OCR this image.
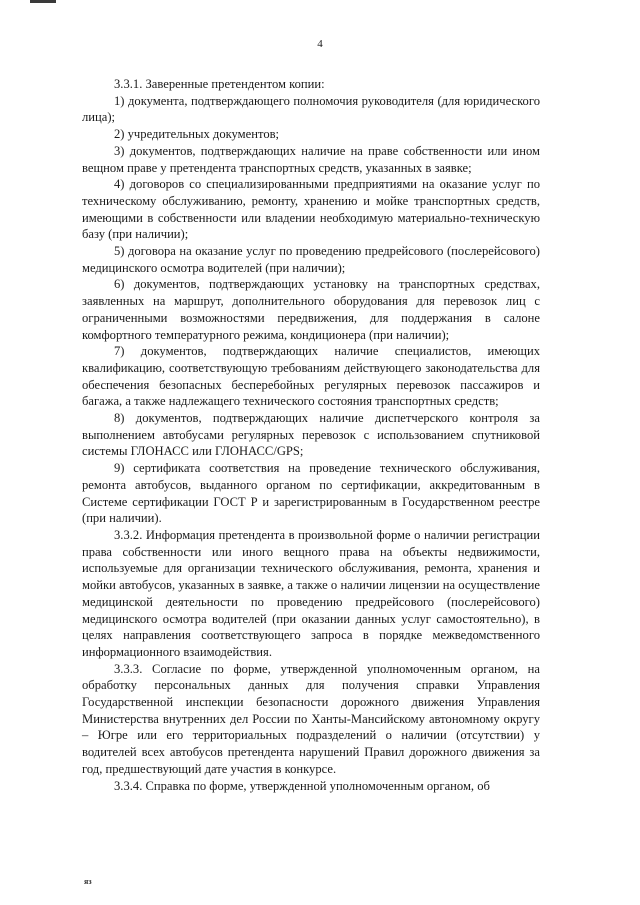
4

3.3.1. Заверенные претендентом копии:

1) документа, подтверждающего полномочия руководителя (для юридического лица);

2) учредительных документов;

3) документов, подтверждающих наличие на праве собственности или ином вещном праве у претендента транспортных средств, указанных в заявке;

4) договоров со специализированными предприятиями на оказание услуг по техническому обслуживанию, ремонту, хранению и мойке транспортных средств, имеющими в собственности или владении необходимую материально-техническую базу (при наличии);

5) договора на оказание услуг по проведению предрейсового (послерейсового) медицинского осмотра водителей (при наличии);

6) документов, подтверждающих установку на транспортных средствах, заявленных на маршрут, дополнительного оборудования для перевозок лиц с ограниченными возможностями передвижения, для поддержания в салоне комфортного температурного режима, кондиционера (при наличии);

7) документов, подтверждающих наличие специалистов, имеющих квалификацию, соответствующую требованиям действующего законодательства для обеспечения безопасных бесперебойных регулярных перевозок пассажиров и багажа, а также надлежащего технического состояния транспортных средств;

8) документов, подтверждающих наличие диспетчерского контроля за выполнением автобусами регулярных перевозок с использованием спутниковой системы ГЛОНАСС или ГЛОНАСС/GPS;

9) сертификата соответствия на проведение технического обслуживания, ремонта автобусов, выданного органом по сертификации, аккредитованным в Системе сертификации ГОСТ Р и зарегистрированным в Государственном реестре (при наличии).

3.3.2. Информация претендента в произвольной форме о наличии регистрации права собственности или иного вещного права на объекты недвижимости, используемые для организации технического обслуживания, ремонта, хранения и мойки автобусов, указанных в заявке, а также о наличии лицензии на осуществление медицинской деятельности по проведению предрейсового (послерейсового) медицинского осмотра водителей (при оказании данных услуг самостоятельно), в целях направления соответствующего запроса в порядке межведомственного информационного взаимодействия.

3.3.3. Согласие по форме, утвержденной уполномоченным органом, на обработку персональных данных для получения справки Управления Государственной инспекции безопасности дорожного движения Управления Министерства внутренних дел России по Ханты-Мансийскому автономному округу – Югре или его территориальных подразделений о наличии (отсутствии) у водителей всех автобусов претендента нарушений Правил дорожного движения за год, предшествующий дате участия в конкурсе.

3.3.4. Справка по форме, утвержденной уполномоченным органом, об

яз
